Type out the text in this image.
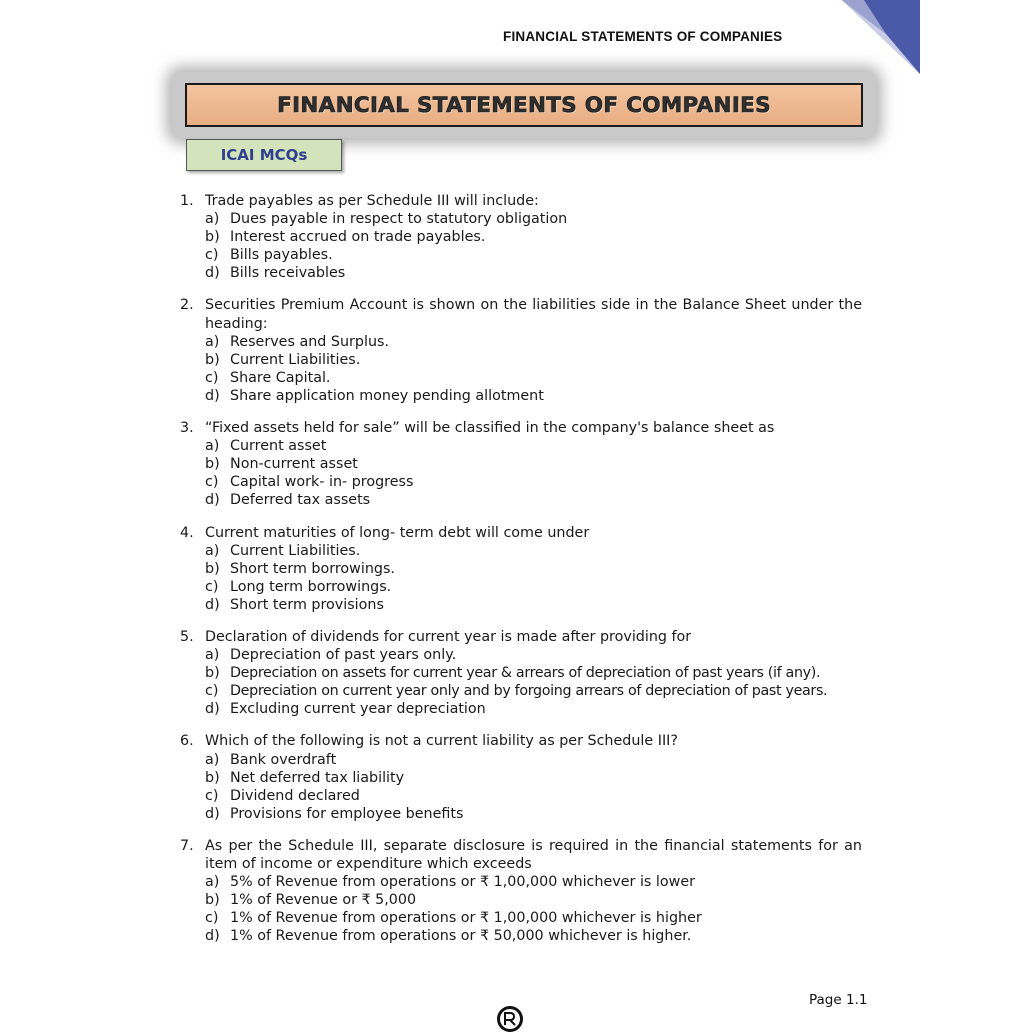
FINANCIAL STATEMENTS OF COMPANIES
FINANCIAL STATEMENTS OF COMPANIES
ICAI MCQs
1. Trade payables as per Schedule III will include:
a) Dues payable in respect to statutory obligation
b) Interest accrued on trade payables.
c) Bills payables.
d) Bills receivables
2. Securities Premium Account is shown on the liabilities side in the Balance Sheet under the heading:
a) Reserves and Surplus.
b) Current Liabilities.
c) Share Capital.
d) Share application money pending allotment
3. “Fixed assets held for sale” will be classified in the company's balance sheet as
a) Current asset
b) Non-current asset
c) Capital work- in- progress
d) Deferred tax assets
4. Current maturities of long- term debt will come under
a) Current Liabilities.
b) Short term borrowings.
c) Long term borrowings.
d) Short term provisions
5. Declaration of dividends for current year is made after providing for
a) Depreciation of past years only.
b) Depreciation on assets for current year & arrears of depreciation of past years (if any).
c) Depreciation on current year only and by forgoing arrears of depreciation of past years.
d) Excluding current year depreciation
6. Which of the following is not a current liability as per Schedule III?
a) Bank overdraft
b) Net deferred tax liability
c) Dividend declared
d) Provisions for employee benefits
7. As per the Schedule III, separate disclosure is required in the financial statements for an item of income or expenditure which exceeds
a) 5% of Revenue from operations or ₹ 1,00,000 whichever is lower
b) 1% of Revenue or ₹ 5,000
c) 1% of Revenue from operations or ₹ 1,00,000 whichever is higher
d) 1% of Revenue from operations or ₹ 50,000 whichever is higher.
Page 1.1
